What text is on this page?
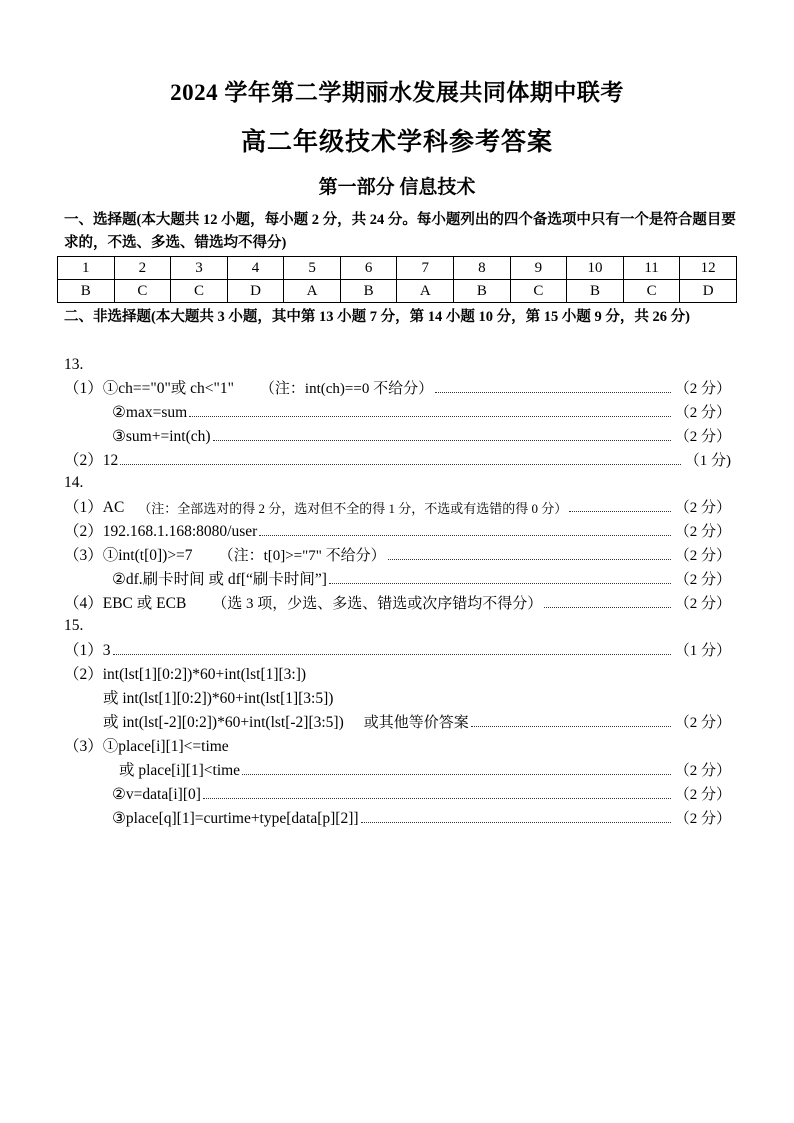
2024 学年第二学期丽水发展共同体期中联考
高二年级技术学科参考答案
第一部分 信息技术
一、选择题(本大题共 12 小题，每小题 2 分，共 24 分。每小题列出的四个备选项中只有一个是符合题目要求的，不选、多选、错选均不得分)
1	2	3	4	5	6	7	8	9	10	11	12
B	C	C	D	A	B	A	B	C	B	C	D
二、非选择题(本大题共 3 小题，其中第 13 小题 7 分，第 14 小题 10 分，第 15 小题 9 分，共 26 分)
13.
（1）①ch=="0"或 ch<"1" （注：int(ch)==0 不给分）	（2 分）
②max=sum	（2 分）
③sum+=int(ch)	（2 分）
（2）12	（1 分)
14.
（1）AC （注：全部选对的得 2 分，选对但不全的得 1 分，不选或有选错的得 0 分）	（2 分）
（2）192.168.1.168:8080/user	（2 分）
（3）①int(t[0])>=7 （注：t[0]>="7" 不给分）	（2 分）
②df.刷卡时间 或 df[“刷卡时间”]	（2 分）
（4）EBC 或 ECB （选 3 项，少选、多选、错选或次序错均不得分）	（2 分）
15.
（1）3	（1 分）
（2）int(lst[1][0:2])*60+int(lst[1][3:])
或 int(lst[1][0:2])*60+int(lst[1][3:5])
或 int(lst[-2][0:2])*60+int(lst[-2][3:5]) 或其他等价答案	（2 分）
（3）①place[i][1]<=time
或 place[i][1]<time	（2 分）
②v=data[i][0]	（2 分）
③place[q][1]=curtime+type[data[p][2]]	（2 分）
